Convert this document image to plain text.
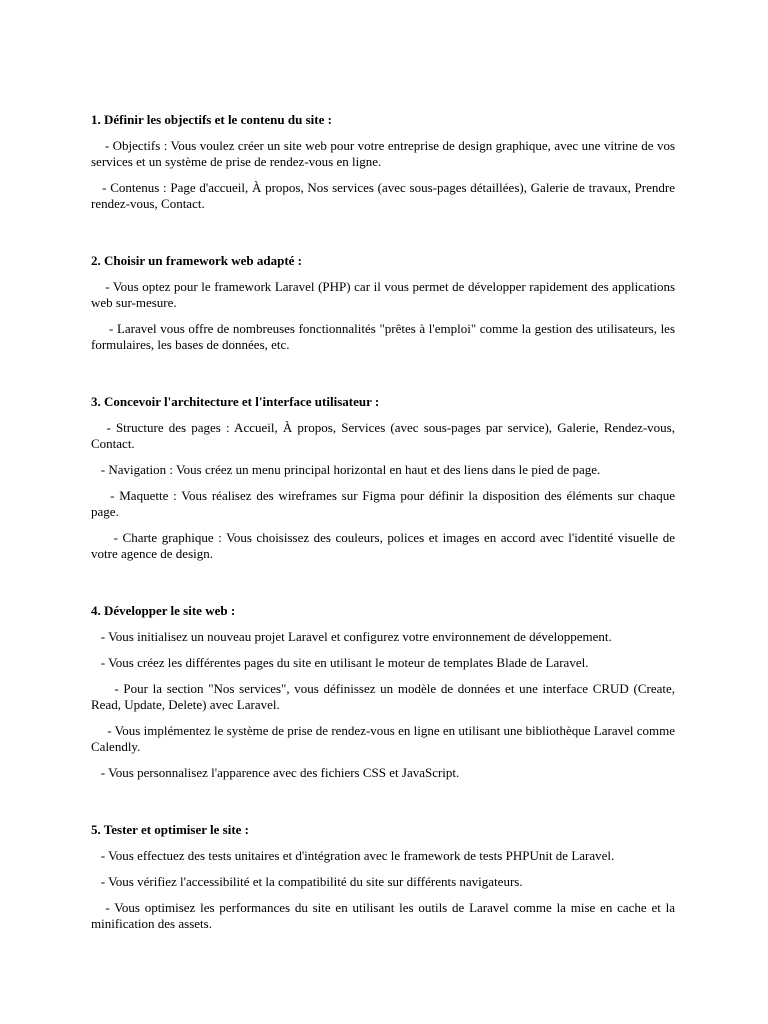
1. Définir les objectifs et le contenu du site :

- Objectifs : Vous voulez créer un site web pour votre entreprise de design graphique, avec une vitrine de vos services et un système de prise de rendez-vous en ligne.

- Contenus : Page d'accueil, À propos, Nos services (avec sous-pages détaillées), Galerie de travaux, Prendre rendez-vous, Contact.

2. Choisir un framework web adapté :

- Vous optez pour le framework Laravel (PHP) car il vous permet de développer rapidement des applications web sur-mesure.

- Laravel vous offre de nombreuses fonctionnalités "prêtes à l'emploi" comme la gestion des utilisateurs, les formulaires, les bases de données, etc.

3. Concevoir l'architecture et l'interface utilisateur :

- Structure des pages : Accueil, À propos, Services (avec sous-pages par service), Galerie, Rendez-vous, Contact.

- Navigation : Vous créez un menu principal horizontal en haut et des liens dans le pied de page.

- Maquette : Vous réalisez des wireframes sur Figma pour définir la disposition des éléments sur chaque page.

- Charte graphique : Vous choisissez des couleurs, polices et images en accord avec l'identité visuelle de votre agence de design.

4. Développer le site web :

- Vous initialisez un nouveau projet Laravel et configurez votre environnement de développement.

- Vous créez les différentes pages du site en utilisant le moteur de templates Blade de Laravel.

- Pour la section "Nos services", vous définissez un modèle de données et une interface CRUD (Create, Read, Update, Delete) avec Laravel.

- Vous implémentez le système de prise de rendez-vous en ligne en utilisant une bibliothèque Laravel comme Calendly.

- Vous personnalisez l'apparence avec des fichiers CSS et JavaScript.

5. Tester et optimiser le site :

- Vous effectuez des tests unitaires et d'intégration avec le framework de tests PHPUnit de Laravel.

- Vous vérifiez l'accessibilité et la compatibilité du site sur différents navigateurs.

- Vous optimisez les performances du site en utilisant les outils de Laravel comme la mise en cache et la minification des assets.
